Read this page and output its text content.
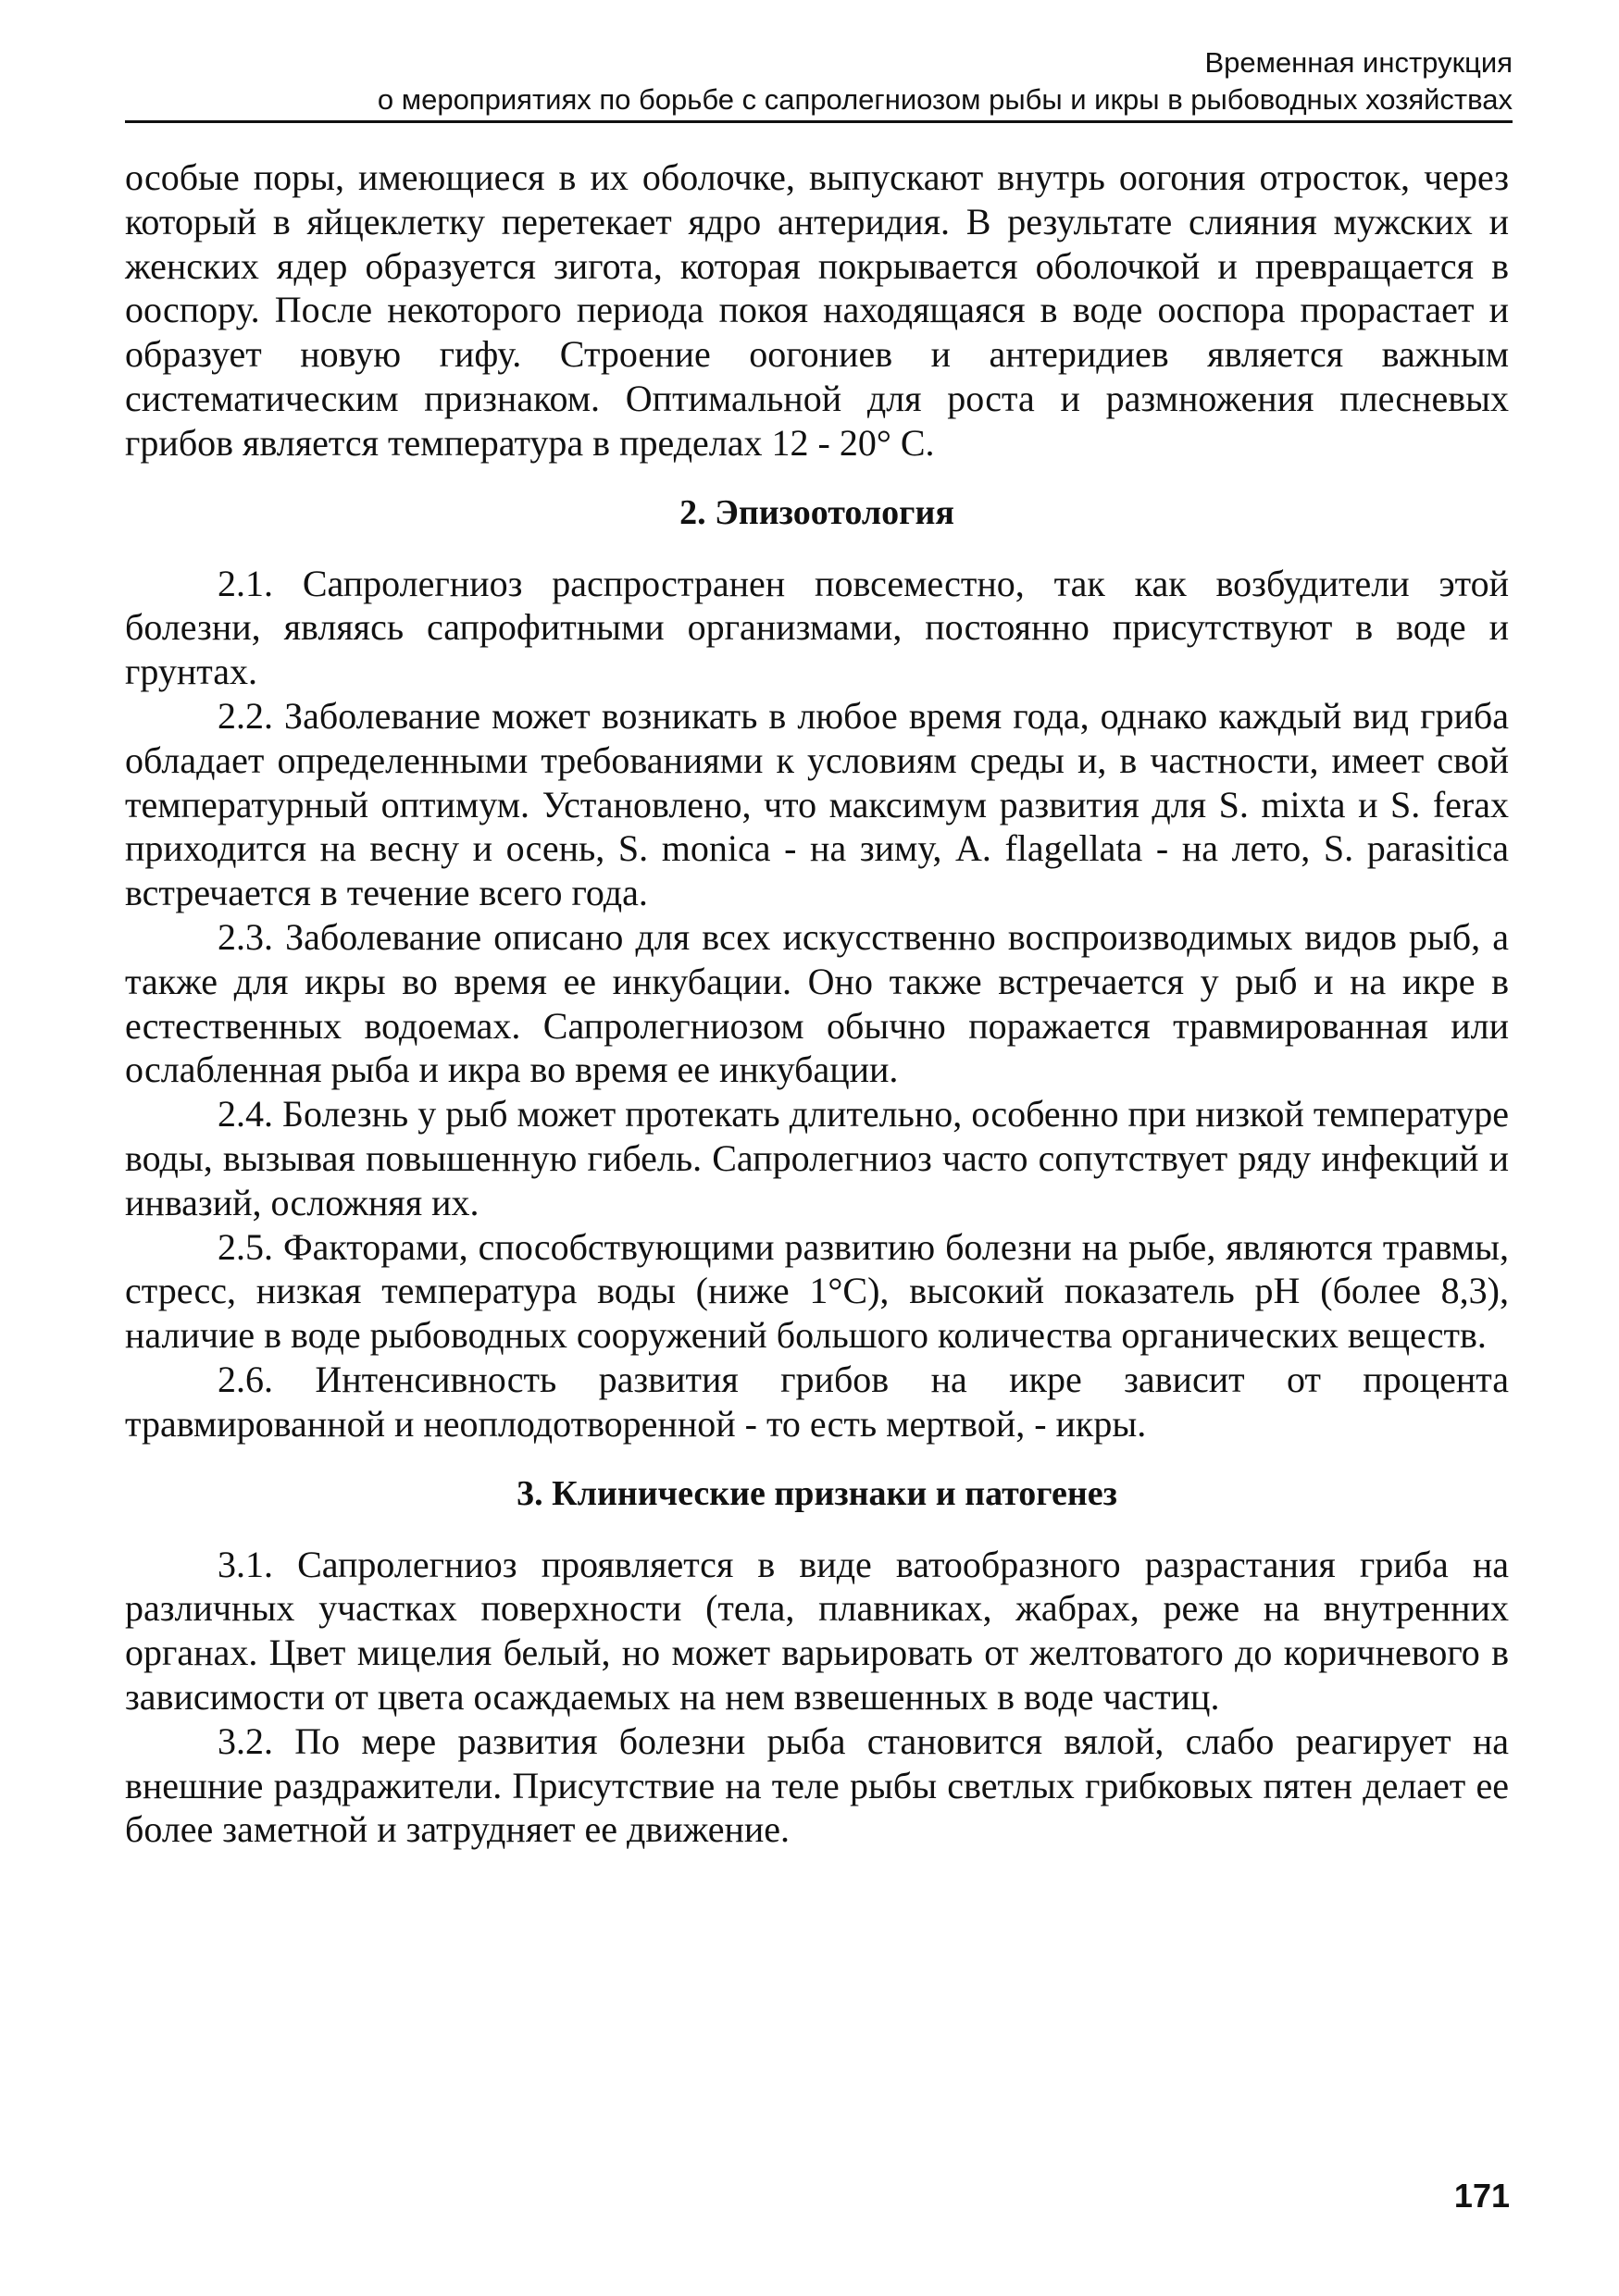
Временная инструкция
о мероприятиях по борьбе с сапролегниозом рыбы и икры в рыбоводных хозяйствах

особые поры, имеющиеся в их оболочке, выпускают внутрь оогония отросток, через который в яйцеклетку перетекает ядро антеридия. В результате слияния мужских и женских ядер образуется зигота, которая покрывается оболочкой и превращается в ооспору. После некоторого периода покоя находящаяся в воде ооспора прорастает и образует новую гифу. Строение оогониев и антеридиев является важным систематическим признаком. Оптимальной для роста и размножения плесневых грибов является температура в пределах 12 - 20° С.

2. Эпизоотология

2.1. Сапролегниоз распространен повсеместно, так как возбудители этой болезни, являясь сапрофитными организмами, постоянно присутствуют в воде и грунтах.

2.2. Заболевание может возникать в любое время года, однако каждый вид гриба обладает определенными требованиями к условиям среды и, в частности, имеет свой температурный оптимум. Установлено, что максимум развития для S. mixta и S. ferax приходится на весну и осень, S. monica - на зиму, A. flagellata - на лето, S. parasitica встречается в течение всего года.

2.3. Заболевание описано для всех искусственно воспроизводимых видов рыб, а также для икры во время ее инкубации. Оно также встречается у рыб и на икре в естественных водоемах. Сапролегниозом обычно поражается травмированная или ослабленная рыба и икра во время ее инкубации.

2.4. Болезнь у рыб может протекать длительно, особенно при низкой температуре воды, вызывая повышенную гибель. Сапролегниоз часто сопутствует ряду инфекций и инвазий, осложняя их.

2.5. Факторами, способствующими развитию болезни на рыбе, являются травмы, стресс, низкая температура воды (ниже 1°С), высокий показатель pH (более 8,3), наличие в воде рыбоводных сооружений большого количества органических веществ.

2.6. Интенсивность развития грибов на икре зависит от процента травмированной и неоплодотворенной - то есть мертвой, - икры.

3. Клинические признаки и патогенез

3.1. Сапролегниоз проявляется в виде ватообразного разрастания гриба на различных участках поверхности (тела, плавниках, жабрах, реже на внутренних органах. Цвет мицелия белый, но может варьировать от желтоватого до коричневого в зависимости от цвета осаждаемых на нем взвешенных в воде частиц.

3.2. По мере развития болезни рыба становится вялой, слабо реагирует на внешние раздражители. Присутствие на теле рыбы светлых грибковых пятен делает ее более заметной и затрудняет ее движение.

171
